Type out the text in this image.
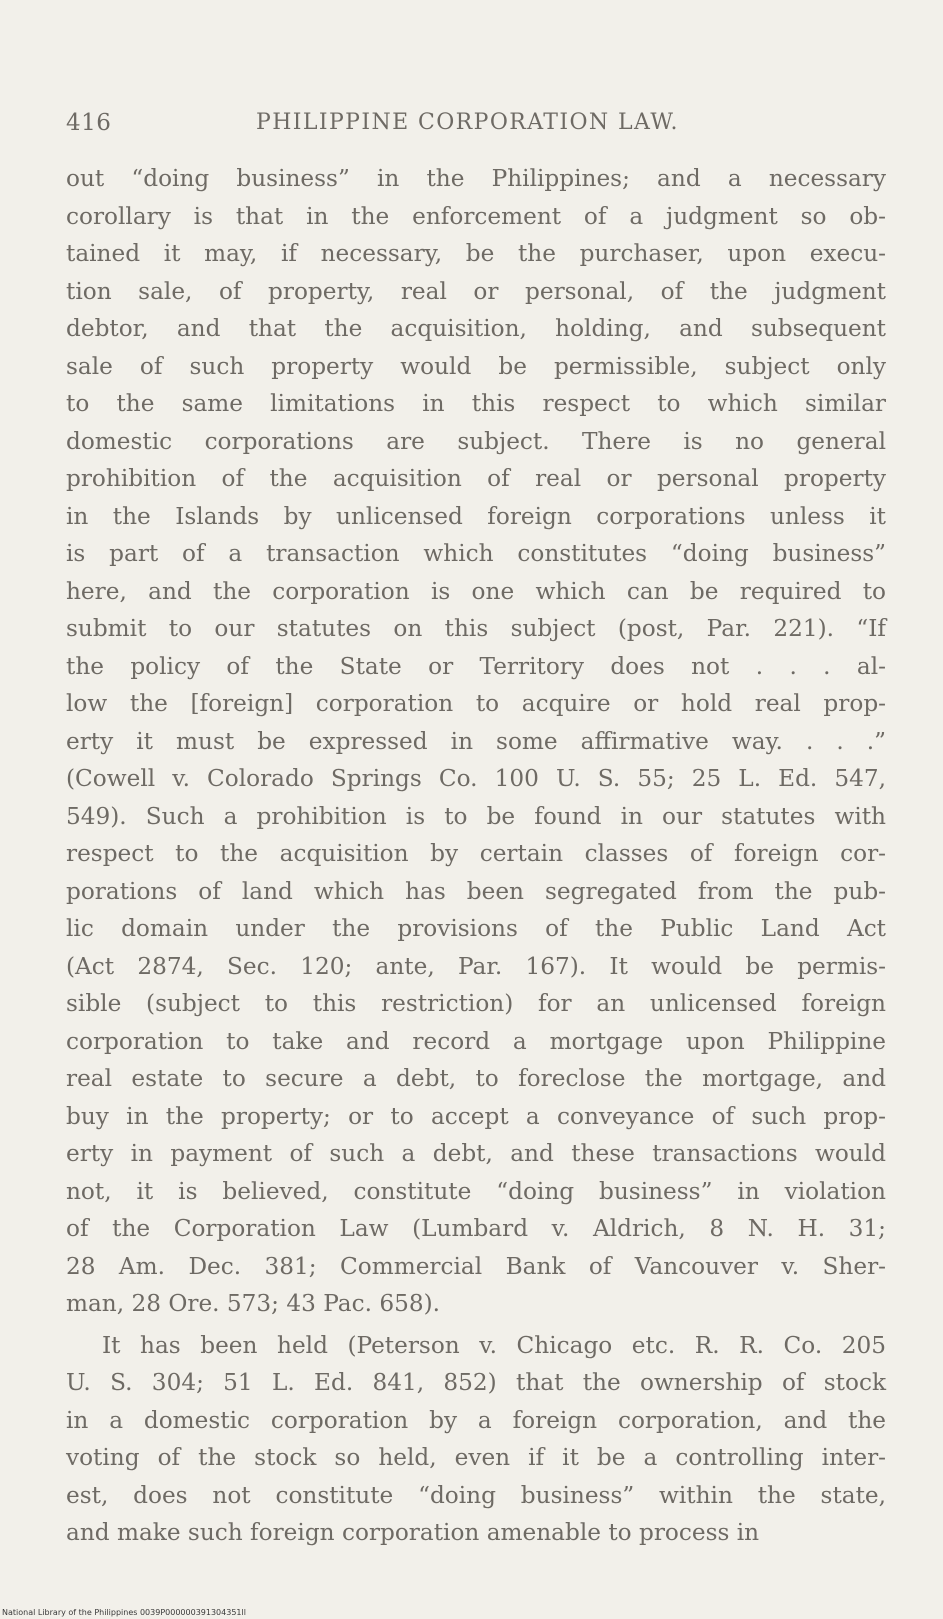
416	PHILIPPINE CORPORATION LAW.
out “doing business” in the Philippines; and a necessary
corollary is that in the enforcement of a judgment so ob-
tained it may, if necessary, be the purchaser, upon execu-
tion sale, of property, real or personal, of the judgment
debtor, and that the acquisition, holding, and subsequent
sale of such property would be permissible, subject only
to the same limitations in this respect to which similar
domestic corporations are subject. There is no general
prohibition of the acquisition of real or personal property
in the Islands by unlicensed foreign corporations unless it
is part of a transaction which constitutes “doing business”
here, and the corporation is one which can be required to
submit to our statutes on this subject (post, Par. 221). “If
the policy of the State or Territory does not . . . al-
low the [foreign] corporation to acquire or hold real prop-
erty it must be expressed in some affirmative way. . . .”
(Cowell v. Colorado Springs Co. 100 U. S. 55; 25 L. Ed. 547,
549). Such a prohibition is to be found in our statutes with
respect to the acquisition by certain classes of foreign cor-
porations of land which has been segregated from the pub-
lic domain under the provisions of the Public Land Act
(Act 2874, Sec. 120; ante, Par. 167). It would be permis-
sible (subject to this restriction) for an unlicensed foreign
corporation to take and record a mortgage upon Philippine
real estate to secure a debt, to foreclose the mortgage, and
buy in the property; or to accept a conveyance of such prop-
erty in payment of such a debt, and these transactions would
not, it is believed, constitute “doing business” in violation
of the Corporation Law (Lumbard v. Aldrich, 8 N. H. 31;
28 Am. Dec. 381; Commercial Bank of Vancouver v. Sher-
man, 28 Ore. 573; 43 Pac. 658).
It has been held (Peterson v. Chicago etc. R. R. Co. 205
U. S. 304; 51 L. Ed. 841, 852) that the ownership of stock
in a domestic corporation by a foreign corporation, and the
voting of the stock so held, even if it be a controlling inter-
est, does not constitute “doing business” within the state,
and make such foreign corporation amenable to process in
National Library of the Philippines 0039P000000391304351ll
